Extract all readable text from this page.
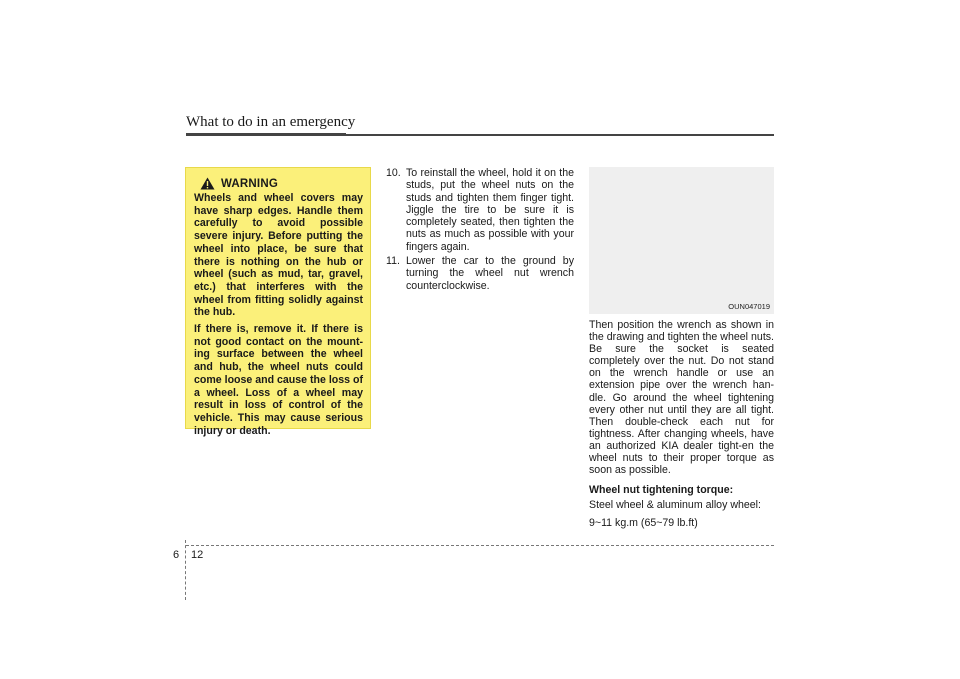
What to do in an emergency
WARNING

Wheels and wheel covers may have sharp edges. Handle them carefully to avoid possible severe injury. Before putting the wheel into place, be sure that there is nothing on the hub or wheel (such as mud, tar, gravel, etc.) that interferes with the wheel from fitting solidly against the hub.

If there is, remove it. If there is not good contact on the mount-ing surface between the wheel and hub, the wheel nuts could come loose and cause the loss of a wheel. Loss of a wheel may result in loss of control of the vehicle. This may cause serious injury or death.

10. To reinstall the wheel, hold it on the studs, put the wheel nuts on the studs and tighten them finger tight. Jiggle the tire to be sure it is completely seated, then tighten the nuts as much as possible with your fingers again.
11. Lower the car to the ground by turning the wheel nut wrench counterclockwise.
OUN047019

Then position the wrench as shown in the drawing and tighten the wheel nuts. Be sure the socket is seated completely over the nut. Do not stand on the wrench handle or use an extension pipe over the wrench han-dle. Go around the wheel tightening every other nut until they are all tight. Then double-check each nut for tightness. After changing wheels, have an authorized KIA dealer tight-en the wheel nuts to their proper torque as soon as possible.

Wheel nut tightening torque:

Steel wheel & aluminum alloy wheel:

9~11 kg.m (65~79 lb.ft)

6 12
